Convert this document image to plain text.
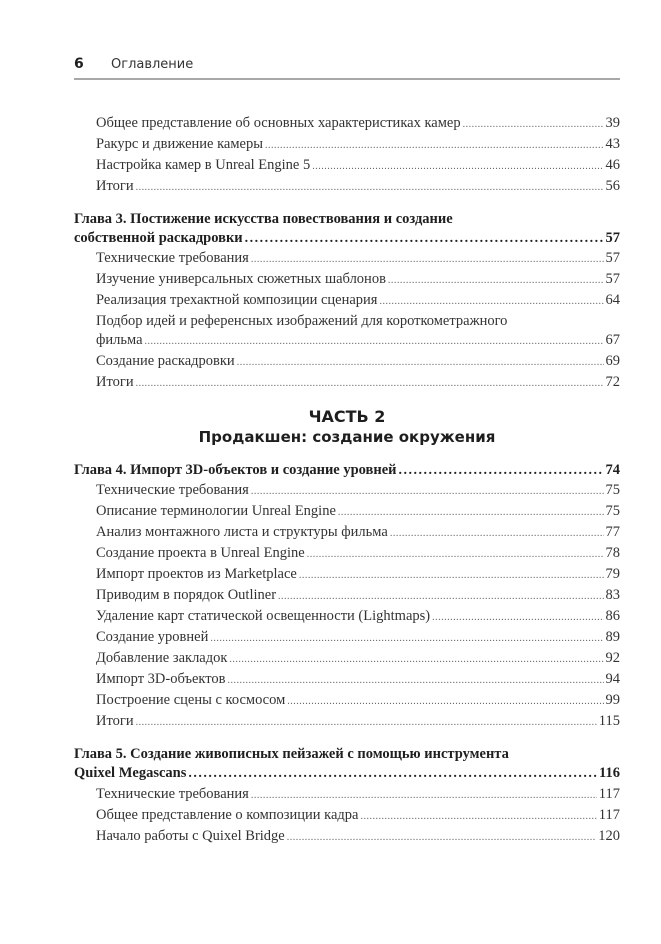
6 Оглавление
Общее представление об основных характеристиках камер .....	39
Ракурс и движение камеры .....	43
Настройка камер в Unreal Engine 5 .....	46
Итоги .....	56
Глава 3. Постижение искусства повествования и создание
собственной раскадровки .....	57
Технические требования .....	57
Изучение универсальных сюжетных шаблонов .....	57
Реализация трехактной композиции сценария .....	64
Подбор идей и референсных изображений для короткометражного
фильма .....	67
Создание раскадровки .....	69
Итоги .....	72
Глава 4. Импорт 3D-объектов и создание уровней .....	74
Технические требования .....	75
Описание терминологии Unreal Engine .....	75
Анализ монтажного листа и структуры фильма .....	77
Создание проекта в Unreal Engine .....	78
Импорт проектов из Marketplace .....	79
Приводим в порядок Outliner .....	83
Удаление карт статической освещенности (Lightmaps) .....	86
Создание уровней .....	89
Добавление закладок .....	92
Импорт 3D-объектов .....	94
Построение сцены с космосом .....	99
Итоги .....	115
Глава 5. Создание живописных пейзажей с помощью инструмента
Quixel Megascans .....	116
Технические требования .....	117
Общее представление о композиции кадра .....	117
Начало работы с Quixel Bridge .....	120
ЧАСТЬ 2
Продакшен: создание окружения
